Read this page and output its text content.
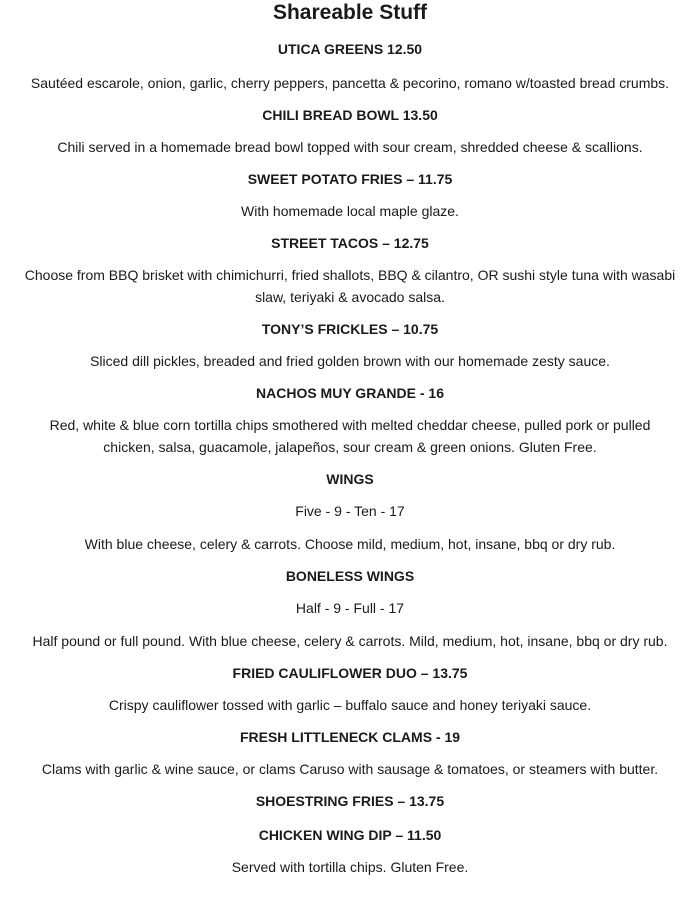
Shareable Stuff
UTICA GREENS 12.50
Sautéed escarole, onion, garlic, cherry peppers, pancetta & pecorino, romano w/toasted bread crumbs.
CHILI BREAD BOWL 13.50
Chili served in a homemade bread bowl topped with sour cream, shredded cheese & scallions.
SWEET POTATO FRIES – 11.75
With homemade local maple glaze.
STREET TACOS – 12.75
Choose from BBQ brisket with chimichurri, fried shallots, BBQ & cilantro, OR sushi style tuna with wasabi
slaw, teriyaki & avocado salsa.
TONY’S FRICKLES – 10.75
Sliced dill pickles, breaded and fried golden brown with our homemade zesty sauce.
NACHOS MUY GRANDE - 16
Red, white & blue corn tortilla chips smothered with melted cheddar cheese, pulled pork or pulled
chicken, salsa, guacamole, jalapeños, sour cream & green onions. Gluten Free.
WINGS
Five - 9 - Ten - 17
With blue cheese, celery & carrots. Choose mild, medium, hot, insane, bbq or dry rub.
BONELESS WINGS
Half - 9 - Full - 17
Half pound or full pound. With blue cheese, celery & carrots. Mild, medium, hot, insane, bbq or dry rub.
FRIED CAULIFLOWER DUO – 13.75
Crispy cauliflower tossed with garlic – buffalo sauce and honey teriyaki sauce.
FRESH LITTLENECK CLAMS - 19
Clams with garlic & wine sauce, or clams Caruso with sausage & tomatoes, or steamers with butter.
SHOESTRING FRIES – 13.75
CHICKEN WING DIP – 11.50
Served with tortilla chips. Gluten Free.
